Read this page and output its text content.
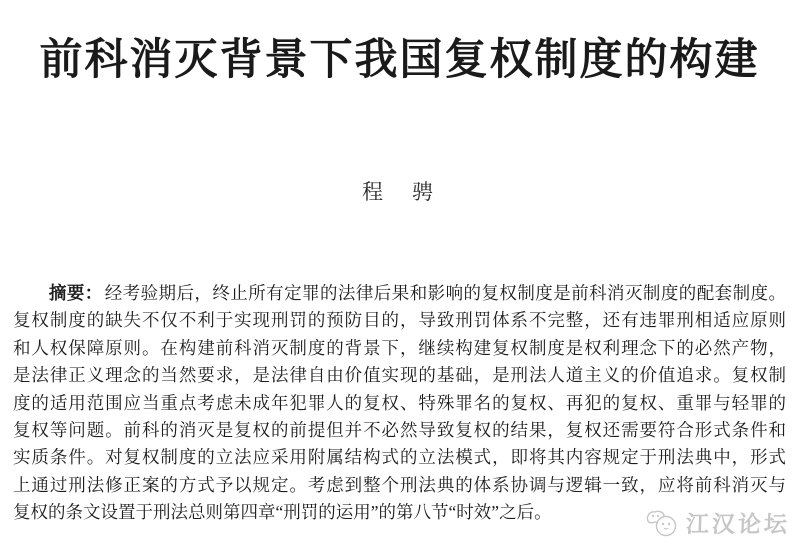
前科消灭背景下我国复权制度的构建
程　骋
摘要： 经考验期后，终止所有定罪的法律后果和影响的复权制度是前科消灭制度的配套制度。
复权制度的缺失不仅不利于实现刑罚的预防目的，导致刑罚体系不完整，还有违罪刑相适应原则
和人权保障原则。在构建前科消灭制度的背景下，继续构建复权制度是权利理念下的必然产物，
是法律正义理念的当然要求，是法律自由价值实现的基础，是刑法人道主义的价值追求。复权制
度的适用范围应当重点考虑未成年犯罪人的复权、特殊罪名的复权、再犯的复权、重罪与轻罪的
复权等问题。前科的消灭是复权的前提但并不必然导致复权的结果，复权还需要符合形式条件和
实质条件。对复权制度的立法应采用附属结构式的立法模式，即将其内容规定于刑法典中，形式
上通过刑法修正案的方式予以规定。考虑到整个刑法典的体系协调与逻辑一致，应将前科消灭与
复权的条文设置于刑法总则第四章“刑罚的运用”的第八节“时效”之后。	江汉论坛
